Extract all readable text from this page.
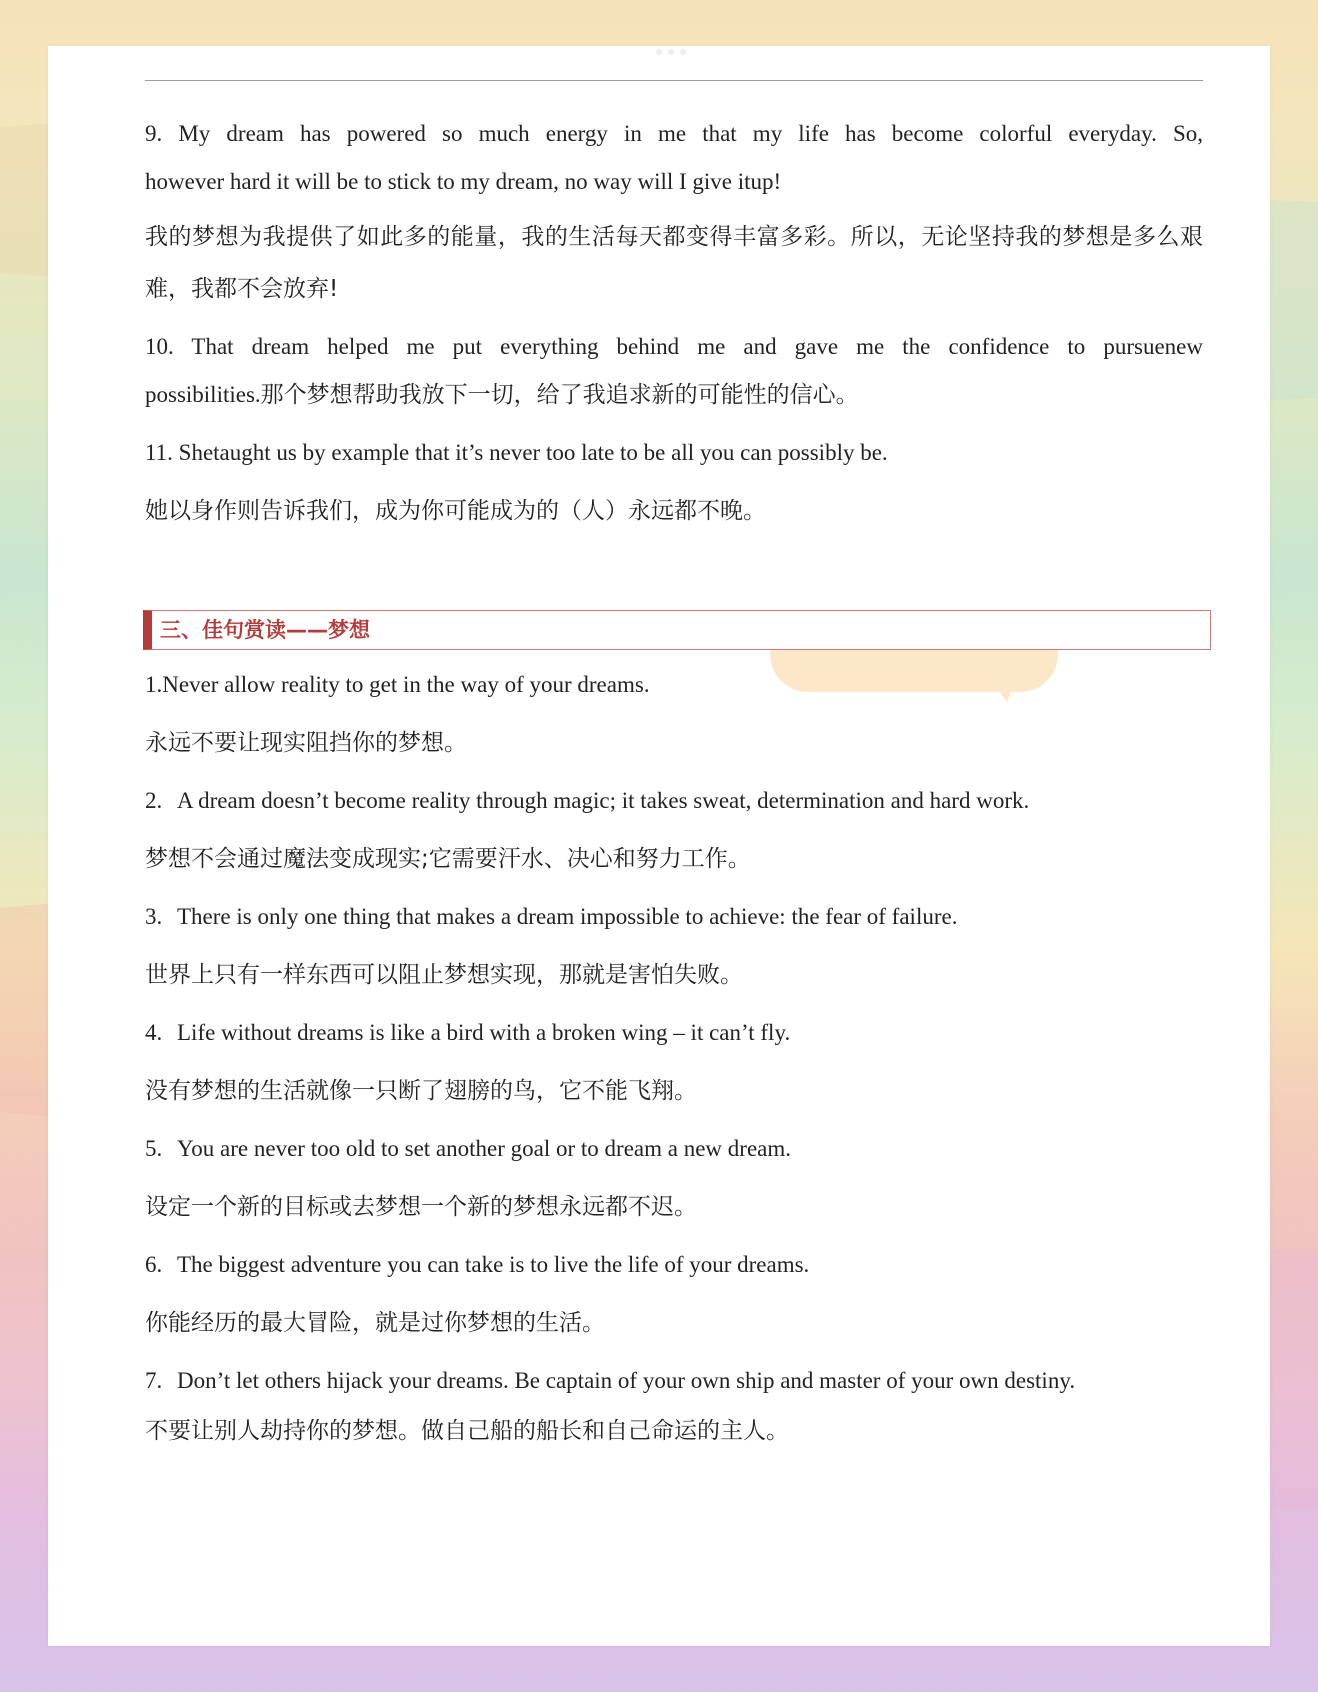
9. My dream has powered so much energy in me that my life has become colorful everyday. So,
however hard it will be to stick to my dream, no way will I give itup!
我的梦想为我提供了如此多的能量，我的生活每天都变得丰富多彩。所以，无论坚持我的梦想是多么艰难，我都不会放弃!
10. That dream helped me put everything behind me and gave me the confidence to pursuenew
possibilities.那个梦想帮助我放下一切，给了我追求新的可能性的信心。
11. Shetaught us by example that it’s never too late to be all you can possibly be.
她以身作则告诉我们，成为你可能成为的（人）永远都不晚。
三、佳句赏读——梦想
1.Never allow reality to get in the way of your dreams.
永远不要让现实阻挡你的梦想。
2. A dream doesn’t become reality through magic; it takes sweat, determination and hard work.
梦想不会通过魔法变成现实;它需要汗水、决心和努力工作。
3. There is only one thing that makes a dream impossible to achieve: the fear of failure.
世界上只有一样东西可以阻止梦想实现，那就是害怕失败。
4. Life without dreams is like a bird with a broken wing – it can’t fly.
没有梦想的生活就像一只断了翅膀的鸟，它不能飞翔。
5. You are never too old to set another goal or to dream a new dream.
设定一个新的目标或去梦想一个新的梦想永远都不迟。
6. The biggest adventure you can take is to live the life of your dreams.
你能经历的最大冒险，就是过你梦想的生活。
7. Don’t let others hijack your dreams. Be captain of your own ship and master of your own destiny.
不要让别人劫持你的梦想。做自己船的船长和自己命运的主人。
